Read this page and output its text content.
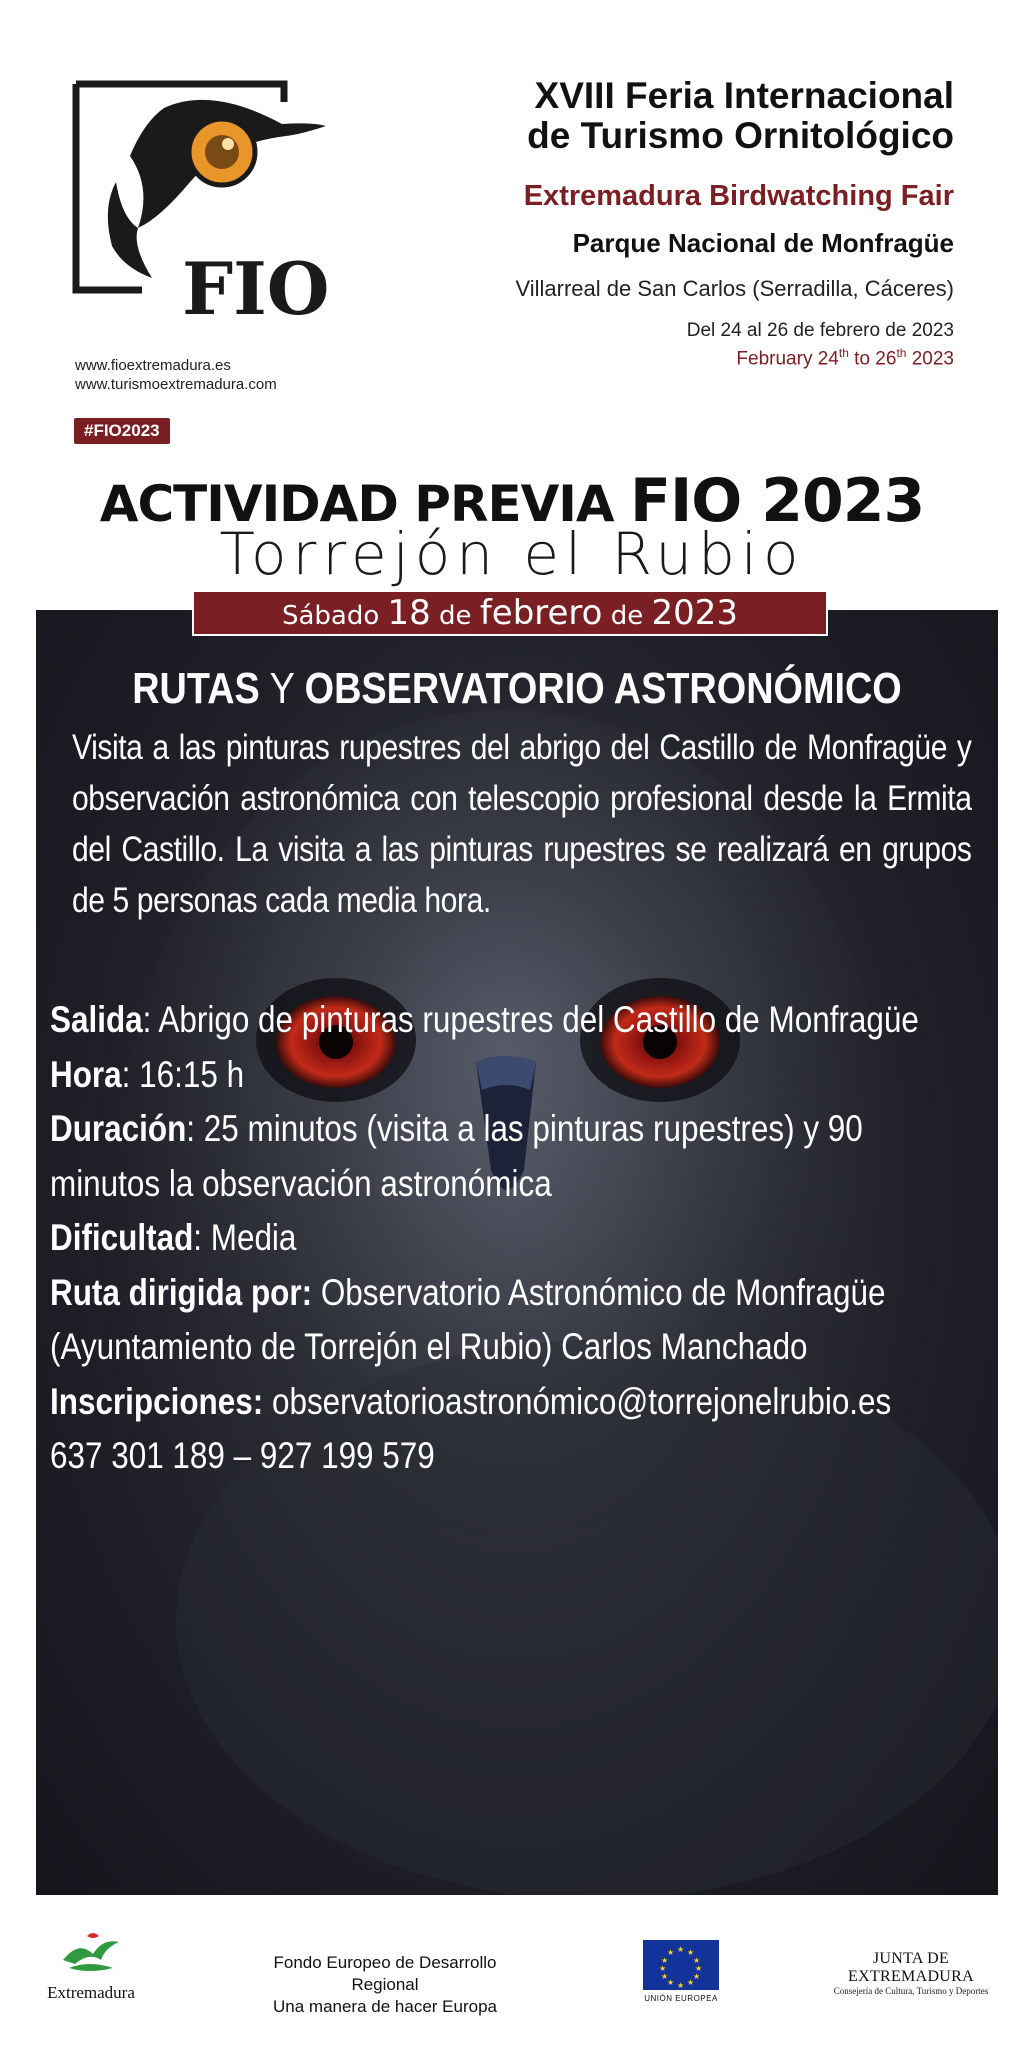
FIO
www.fioextremadura.es
www.turismoextremadura.com
#FIO2023
XVIII Feria Internacional
de Turismo Ornitológico
Extremadura Birdwatching Fair
Parque Nacional de Monfragüe
Villarreal de San Carlos (Serradilla, Cáceres)
Del 24 al 26 de febrero de 2023
February 24th to 26th 2023
ACTIVIDAD PREVIA FIO 2023
Torrejón el Rubio
Sábado 18 de febrero de 2023
RUTAS Y OBSERVATORIO ASTRONÓMICO
Visita a las pinturas rupestres del abrigo del Castillo de Monfragüe y observación astronómica con telescopio profesional desde la Ermita del Castillo. La visita a las pinturas rupestres se realizará en grupos de 5 personas cada media hora.
Salida: Abrigo de pinturas rupestres del Castillo de Monfragüe
Hora: 16:15 h
Duración: 25 minutos (visita a las pinturas rupestres) y 90
minutos la observación astronómica
Dificultad: Media
Ruta dirigida por: Observatorio Astronómico de Monfragüe
(Ayuntamiento de Torrejón el Rubio) Carlos Manchado
Inscripciones: observatorioastronómico@torrejonelrubio.es
637 301 189 – 927 199 579
Extremadura
Fondo Europeo de Desarrollo Regional
Una manera de hacer Europa
★ ★
★
★
★
★
★
★
★
★
★
★
UNIÓN EUROPEA
JUNTA DE EXTREMADURA
Consejería de Cultura, Turismo y Deportes
